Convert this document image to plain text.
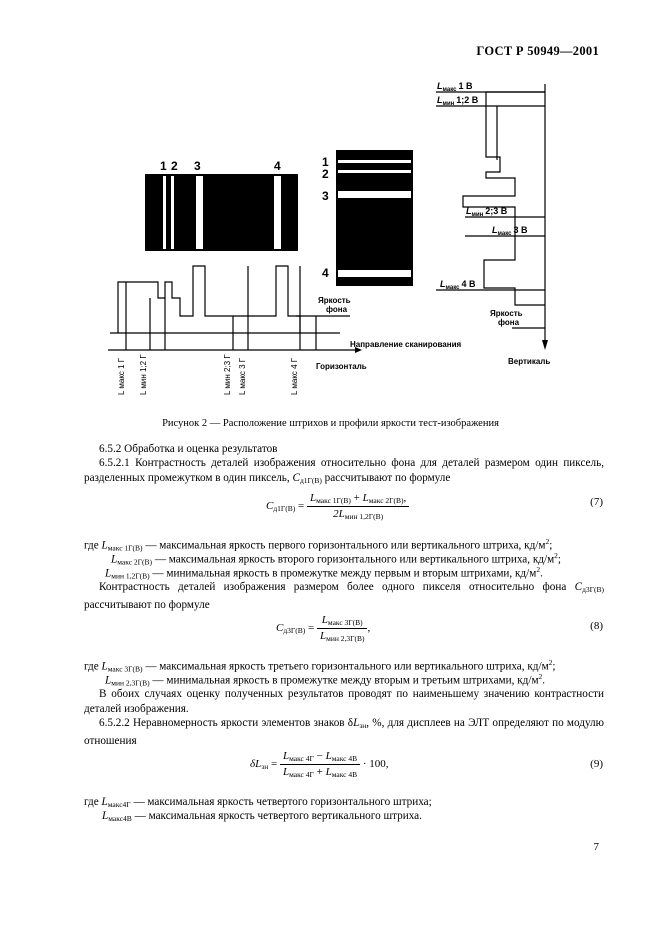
ГОСТ Р 50949—2001
1 2 3	4	1
2
3
4
Яркость
фона
Направление сканирования
Горизонталь
L макс 1 Г L мин 1;2 Г	L мин 2;3 Г L макс 3 Г	L макс 4 Г
$L_{макс}$ 1 В
$L_{мин}$ 1;2 В
$L_{мин}$ 2;3 В
$L_{макс}$ 3 В
$L_{макс}$ 4 В
Яркость
фона
Вертикаль
Рисунок 2 — Расположение штрихов и профили яркости тест-изображения
6.5.2 Обработка и оценка результатов
6.5.2.1 Контрастность деталей изображения относительно фона для деталей размером один пиксель, разделенных промежутком в один пиксель, $C_{д1Г(В)}$ рассчитывают по формуле
$C_{д1Г(В)} = \frac{L_{макс 1Г(В)} + L_{макс 2Г(В)},}{2L_{мин 1,2Г(В)}}$	(7)
где $L_{макс 1Г(В)}$ — максимальная яркость первого горизонтального или вертикального штриха, $кд/м^2$;
$L_{макс 2Г(В)}$ — максимальная яркость второго горизонтального или вертикального штриха, $кд/м^2$;
$L_{мин 1,2Г(В)}$ — минимальная яркость в промежутке между первым и вторым штрихами, $кд/м^2$.
Контрастность деталей изображения размером более одного пикселя относительно фона $C_{д3Г(В)}$ рассчитывают по формуле
$C_{д3Г(В)} = \frac{L_{макс 3Г(В)}}{L_{мин 2,3Г(В)}}$ ,	(8)
где $L_{макс 3Г(В)}$ — максимальная яркость третьего горизонтального или вертикального штриха, $кд/м^2$;
$L_{мин 2,3Г(В)}$ — минимальная яркость в промежутке между вторым и третьим штрихами, $кд/м^2$.
В обоих случаях оценку полученных результатов проводят по наименьшему значению контрастности деталей изображения.
6.5.2.2 Неравномерность яркости элементов знаков $\delta L_{зн}$, %, для дисплеев на ЭЛТ определяют по модулю отношения
$\delta L_{зн} = \frac{L_{макс 4Г} - L_{макс 4В}}{L_{макс 4Г} + L_{макс 4В}} \cdot 100$,	(9)
где $L_{макс4Г}$ — максимальная яркость четвертого горизонтального штриха;
$L_{макс4В}$ — максимальная яркость четвертого вертикального штриха.
7
